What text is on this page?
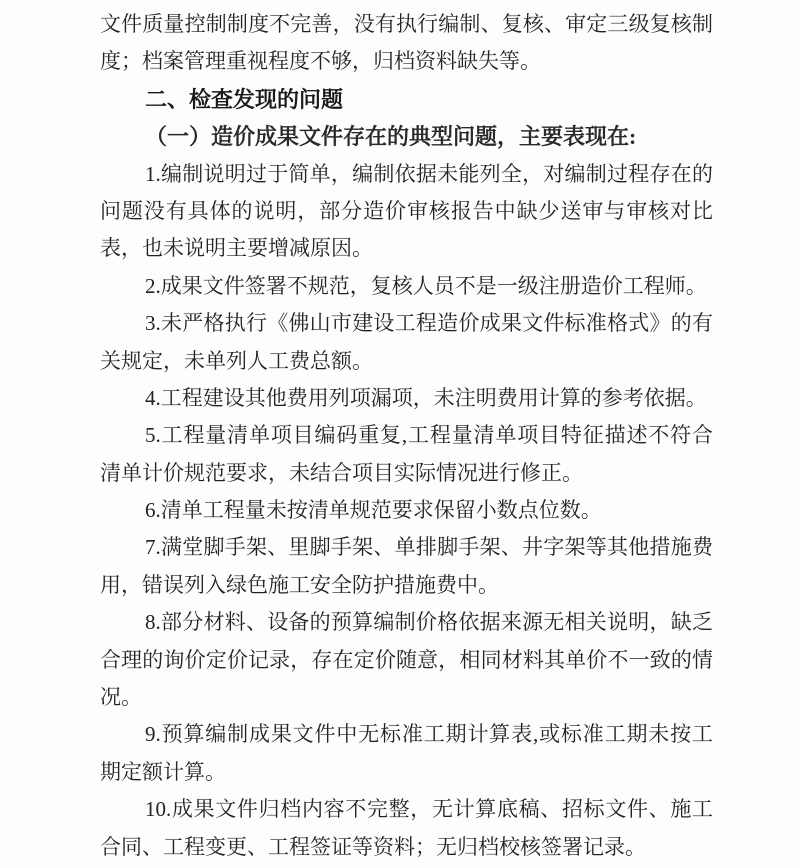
文件质量控制制度不完善，没有执行编制、复核、审定三级复核制
度；档案管理重视程度不够，归档资料缺失等。
二、检查发现的问题
（一）造价成果文件存在的典型问题，主要表现在:
1.编制说明过于简单，编制依据未能列全，对编制过程存在的
问题没有具体的说明，部分造价审核报告中缺少送审与审核对比
表，也未说明主要增减原因。
2.成果文件签署不规范，复核人员不是一级注册造价工程师。
3.未严格执行《佛山市建设工程造价成果文件标准格式》的有
关规定，未单列人工费总额。
4.工程建设其他费用列项漏项，未注明费用计算的参考依据。
5.工程量清单项目编码重复,工程量清单项目特征描述不符合
清单计价规范要求，未结合项目实际情况进行修正。
6.清单工程量未按清单规范要求保留小数点位数。
7.满堂脚手架、里脚手架、单排脚手架、井字架等其他措施费
用，错误列入绿色施工安全防护措施费中。
8.部分材料、设备的预算编制价格依据来源无相关说明，缺乏
合理的询价定价记录，存在定价随意，相同材料其单价不一致的情
况。
9.预算编制成果文件中无标准工期计算表,或标准工期未按工
期定额计算。
10.成果文件归档内容不完整，无计算底稿、招标文件、施工
合同、工程变更、工程签证等资料；无归档校核签署记录。
